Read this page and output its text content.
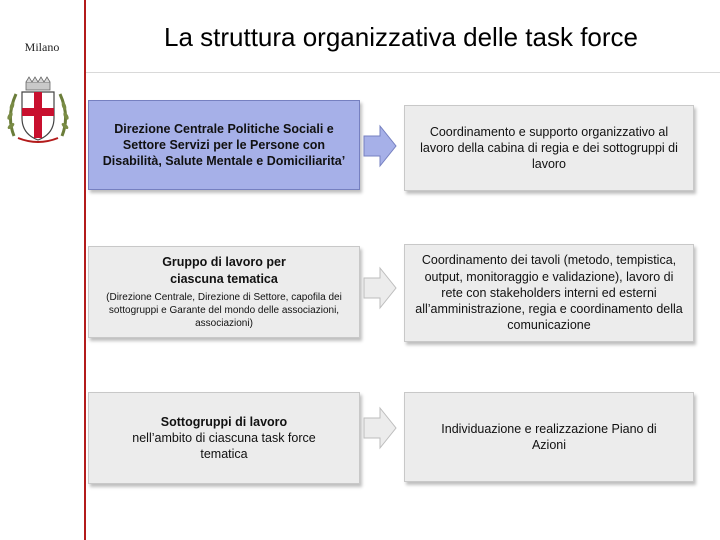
Milano	La struttura organizzativa delle task force
Direzione Centrale Politiche Sociali e Settore Servizi per le Persone con Disabilità, Salute Mentale e Domiciliarita’
Coordinamento e supporto organizzativo al lavoro della cabina di regia e dei sottogruppi di lavoro
Gruppo di lavoro per ciascuna tematica
(Direzione Centrale, Direzione di Settore, capofila dei sottogruppi e Garante del mondo delle associazioni, associazioni)
Coordinamento dei tavoli (metodo, tempistica, output, monitoraggio e validazione), lavoro di rete con stakeholders interni ed esterni all’amministrazione, regia e coordinamento della comunicazione
Sottogruppi di lavoro
nell’ambito di ciascuna task force tematica
Individuazione e realizzazione Piano di Azioni
